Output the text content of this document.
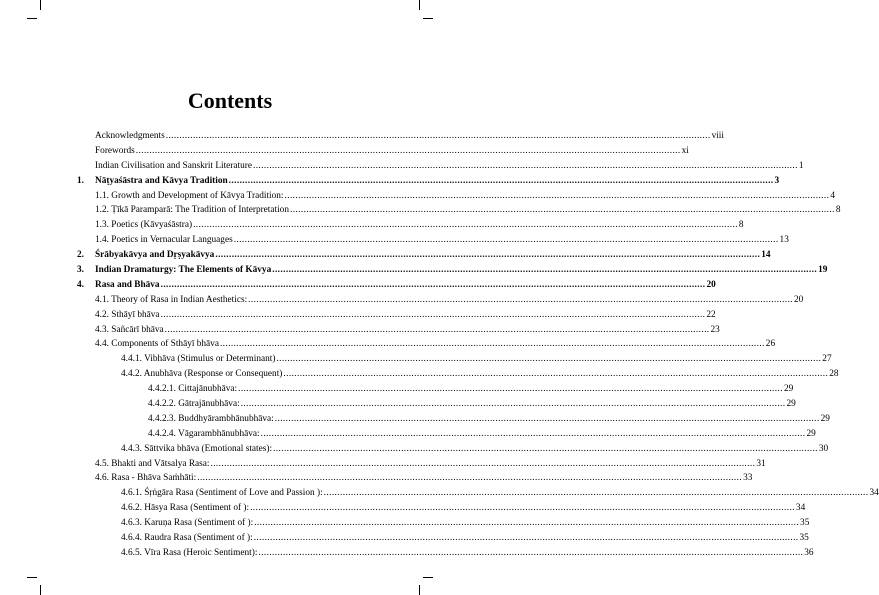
Contents
Acknowledgments ........................................................................................................................................................................................................ viii
Forewords ........................................................................................................................................................................................................ xi
Indian Civilisation and Sanskrit Literature ........................................................................................................................................................................................................ 1
1. Nāṭyaśāstra and Kāvya Tradition ........................................................................................................................................................................................................ 3
1.1. Growth and Development of Kāvya Tradition: ........................................................................................................................................................................................................ 4
1.2. Ṭīkā Paramparā: The Tradition of Interpretation ........................................................................................................................................................................................................ 8
1.3. Poetics (Kāvyaśāstra) ........................................................................................................................................................................................................ 8
1.4. Poetics in Vernacular Languages ........................................................................................................................................................................................................ 13
2. Śrābyakāvya and Dṛṣyakāvya ........................................................................................................................................................................................................ 14
3. Indian Dramaturgy: The Elements of Kāvya ........................................................................................................................................................................................................ 19
4. Rasa and Bhāva ........................................................................................................................................................................................................ 20
4.1. Theory of Rasa in Indian Aesthetics: ........................................................................................................................................................................................................ 20
4.2. Sthāyī bhāva ........................................................................................................................................................................................................ 22
4.3. Sañcārī bhāva ........................................................................................................................................................................................................ 23
4.4. Components of Sthāyī bhāva ........................................................................................................................................................................................................ 26
4.4.1. Vibhāva (Stimulus or Determinant) ........................................................................................................................................................................................................ 27
4.4.2. Anubhāva (Response or Consequent) ........................................................................................................................................................................................................ 28
4.4.2.1. Cittajānubhāva: ........................................................................................................................................................................................................ 29
4.4.2.2. Gātrajānubhāva: ........................................................................................................................................................................................................ 29
4.4.2.3. Buddhyārambhānubhāva: ........................................................................................................................................................................................................ 29
4.4.2.4. Vāgarambhānubhāva: ........................................................................................................................................................................................................ 29
4.4.3. Sāttvika bhāva (Emotional states): ........................................................................................................................................................................................................ 30
4.5. Bhakti and Vātsalya Rasa: ........................................................................................................................................................................................................ 31
4.6. Rasa - Bhāva Saṁhāti: ........................................................................................................................................................................................................ 33
4.6.1. Śṛṅgāra Rasa (Sentiment of Love and Passion ): ........................................................................................................................................................................................................ 34
4.6.2. Hāsya Rasa (Sentiment of ): ........................................................................................................................................................................................................ 34
4.6.3. Karuṇa Rasa (Sentiment of ): ........................................................................................................................................................................................................ 35
4.6.4. Raudra Rasa (Sentiment of ): ........................................................................................................................................................................................................ 35
4.6.5. Vīra Rasa (Heroic Sentiment): ........................................................................................................................................................................................................ 36
